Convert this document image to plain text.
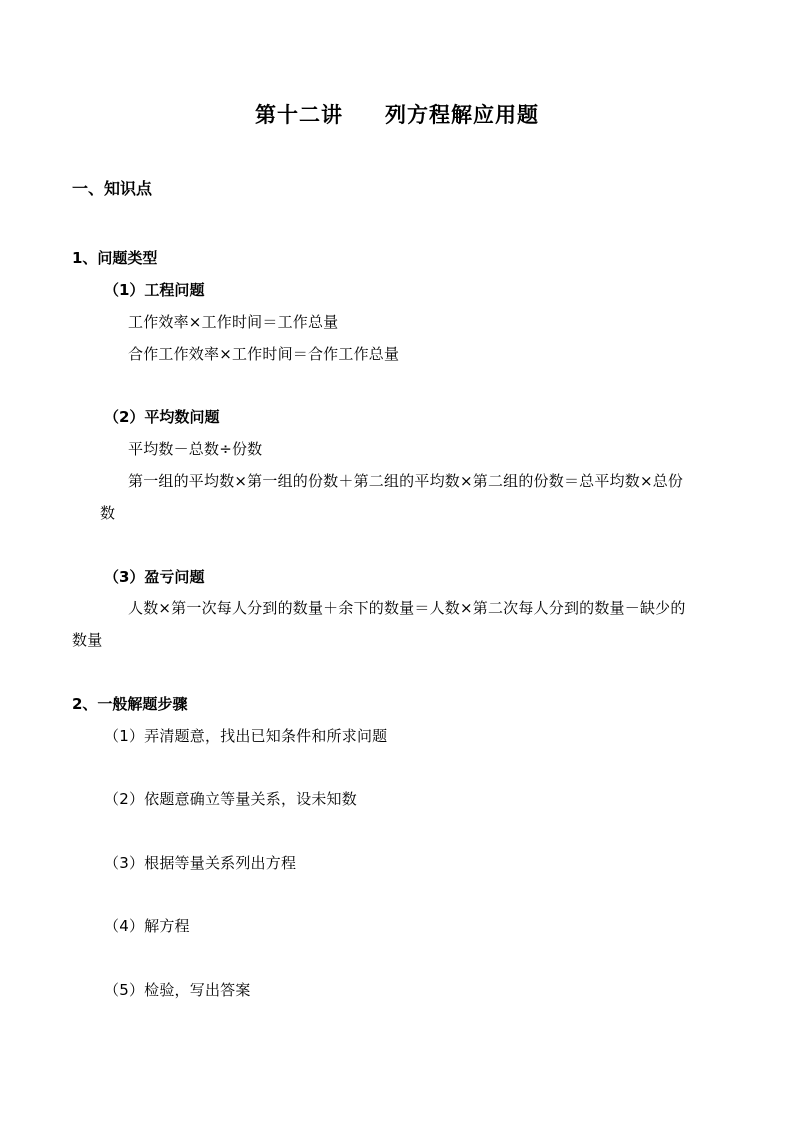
第十二讲 列方程解应用题
一、知识点
1、问题类型
（1）工程问题
工作效率×工作时间＝工作总量
合作工作效率×工作时间＝合作工作总量
（2）平均数问题
平均数－总数÷份数
第一组的平均数×第一组的份数＋第二组的平均数×第二组的份数＝总平均数×总份
数
（3）盈亏问题
人数×第一次每人分到的数量＋余下的数量＝人数×第二次每人分到的数量－缺少的
数量
2、一般解题步骤
（1）弄清题意，找出已知条件和所求问题
（2）依题意确立等量关系，设未知数
（3）根据等量关系列出方程
（4）解方程
（5）检验，写出答案
